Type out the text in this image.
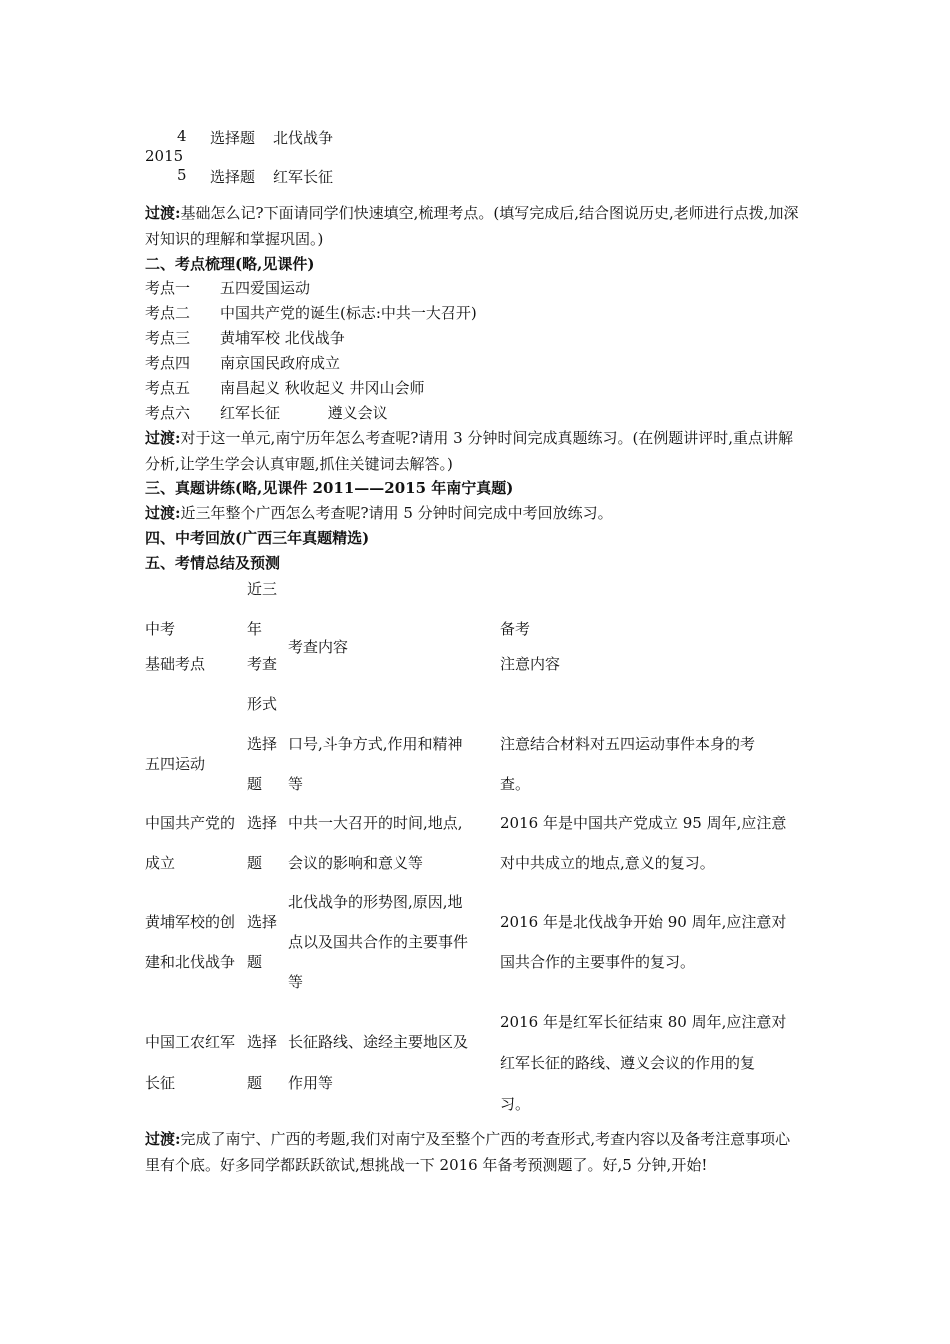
4 选择题 北伐战争
2015
5 选择题 红军长征
过渡:基础怎么记?下面请同学们快速填空,梳理考点。(填写完成后,结合图说历史,老师进行点拨,加深对知识的理解和掌握巩固。)
二、考点梳理(略,见课件)
考点一 五四爱国运动
考点二 中国共产党的诞生(标志:中共一大召开)
考点三 黄埔军校 北伐战争
考点四 南京国民政府成立
考点五 南昌起义 秋收起义 井冈山会师
考点六 红军长征          遵义会议
过渡:对于这一单元,南宁历年怎么考查呢?请用 3 分钟时间完成真题练习。(在例题讲评时,重点讲解分析,让学生学会认真审题,抓住关键词去解答。)
三、真题讲练(略,见课件 2011——2015 年南宁真题)
过渡:近三年整个广西怎么考查呢?请用 5 分钟时间完成中考回放练习。
四、中考回放(广西三年真题精选)
五、考情总结及预测
中考
基础考点
近三
年
考查
形式
考查内容
备考
注意内容
五四运动
选择
题
口号,斗争方式,作用和精神
等
注意结合材料对五四运动事件本身的考
查。
中国共产党的
成立
选择
题
中共一大召开的时间,地点,
会议的影响和意义等
2016 年是中国共产党成立 95 周年,应注意
对中共成立的地点,意义的复习。
黄埔军校的创
建和北伐战争
选择
题
北伐战争的形势图,原因,地
点以及国共合作的主要事件
等
2016 年是北伐战争开始 90 周年,应注意对
国共合作的主要事件的复习。
中国工农红军
长征
选择
题
长征路线、途经主要地区及
作用等
2016 年是红军长征结束 80 周年,应注意对
红军长征的路线、遵义会议的作用的复
习。
过渡:完成了南宁、广西的考题,我们对南宁及至整个广西的考查形式,考查内容以及备考注意事项心里有个底。好多同学都跃跃欲试,想挑战一下 2016 年备考预测题了。好,5 分钟,开始!
